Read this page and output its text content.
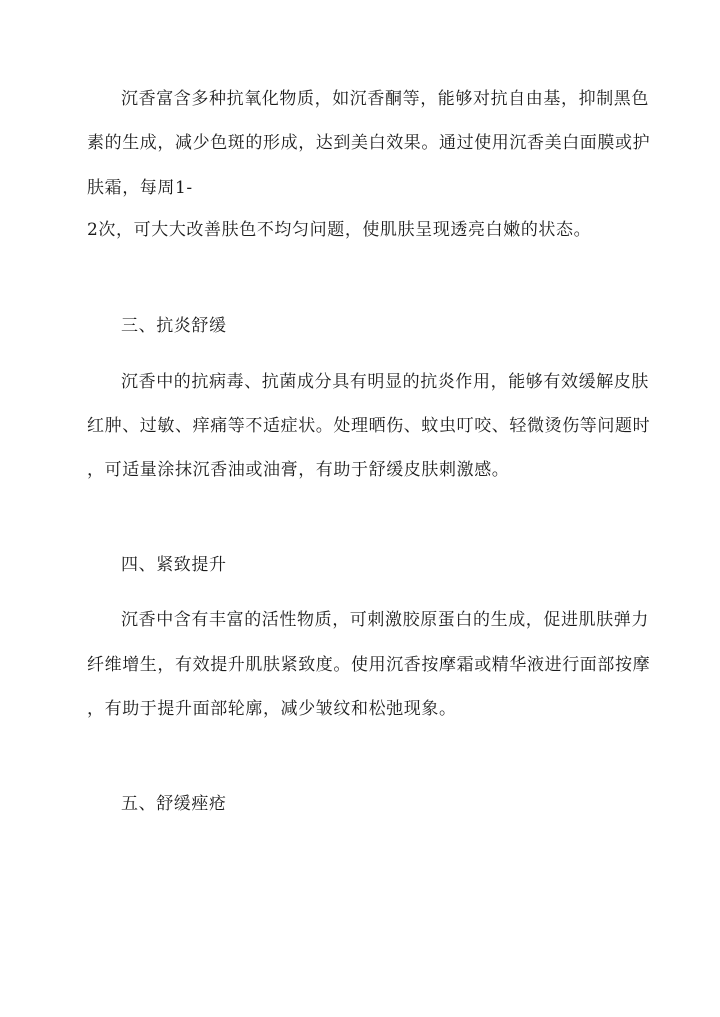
沉香富含多种抗氧化物质，如沉香酮等，能够对抗自由基，抑制黑色
素的生成，减少色斑的形成，达到美白效果。通过使用沉香美白面膜或护
肤霜，每周1-
2次，可大大改善肤色不均匀问题，使肌肤呈现透亮白嫩的状态。
三、抗炎舒缓
沉香中的抗病毒、抗菌成分具有明显的抗炎作用，能够有效缓解皮肤
红肿、过敏、痒痛等不适症状。处理晒伤、蚊虫叮咬、轻微烫伤等问题时
，可适量涂抹沉香油或油膏，有助于舒缓皮肤刺激感。
四、紧致提升
沉香中含有丰富的活性物质，可刺激胶原蛋白的生成，促进肌肤弹力
纤维增生，有效提升肌肤紧致度。使用沉香按摩霜或精华液进行面部按摩
，有助于提升面部轮廓，减少皱纹和松弛现象。
五、舒缓痤疮
